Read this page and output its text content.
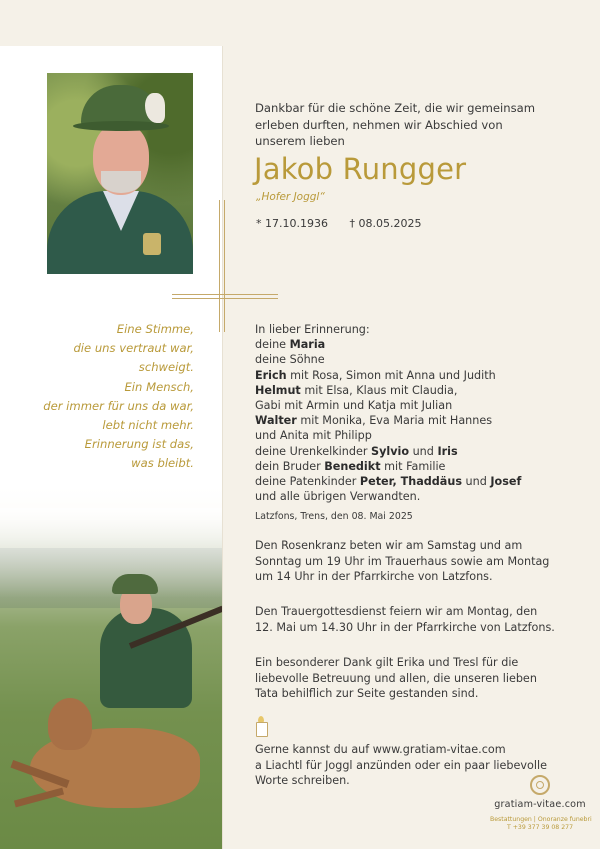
Eine Stimme,
die uns vertraut war,
schweigt.
Ein Mensch,
der immer für uns da war,
lebt nicht mehr.
Erinnerung ist das,
was bleibt.
Dankbar für die schöne Zeit, die wir gemeinsam
erleben durften, nehmen wir Abschied von
unserem lieben
Jakob Rungger
„Hofer Joggl“
* 17.10.1936 † 08.05.2025
In lieber Erinnerung:
deine Maria
deine Söhne
Erich mit Rosa, Simon mit Anna und Judith
Helmut mit Elsa, Klaus mit Claudia,
Gabi mit Armin und Katja mit Julian
Walter mit Monika, Eva Maria mit Hannes
und Anita mit Philipp
deine Urenkelkinder Sylvio und Iris
dein Bruder Benedikt mit Familie
deine Patenkinder Peter, Thaddäus und Josef
und alle übrigen Verwandten.
Latzfons, Trens, den 08. Mai 2025
Den Rosenkranz beten wir am Samstag und am
Sonntag um 19 Uhr im Trauerhaus sowie am Montag
um 14 Uhr in der Pfarrkirche von Latzfons.
Den Trauergottesdienst feiern wir am Montag, den
12. Mai um 14.30 Uhr in der Pfarrkirche von Latzfons.
Ein besonderer Dank gilt Erika und Tresl für die
liebevolle Betreuung und allen, die unseren lieben
Tata behilflich zur Seite gestanden sind.
Gerne kannst du auf www.gratiam-vitae.com
a Liachtl für Joggl anzünden oder ein paar liebevolle
Worte schreiben.
gratiam-vitae.com
Bestattungen | Onoranze funebri
T +39 377 39 08 277
